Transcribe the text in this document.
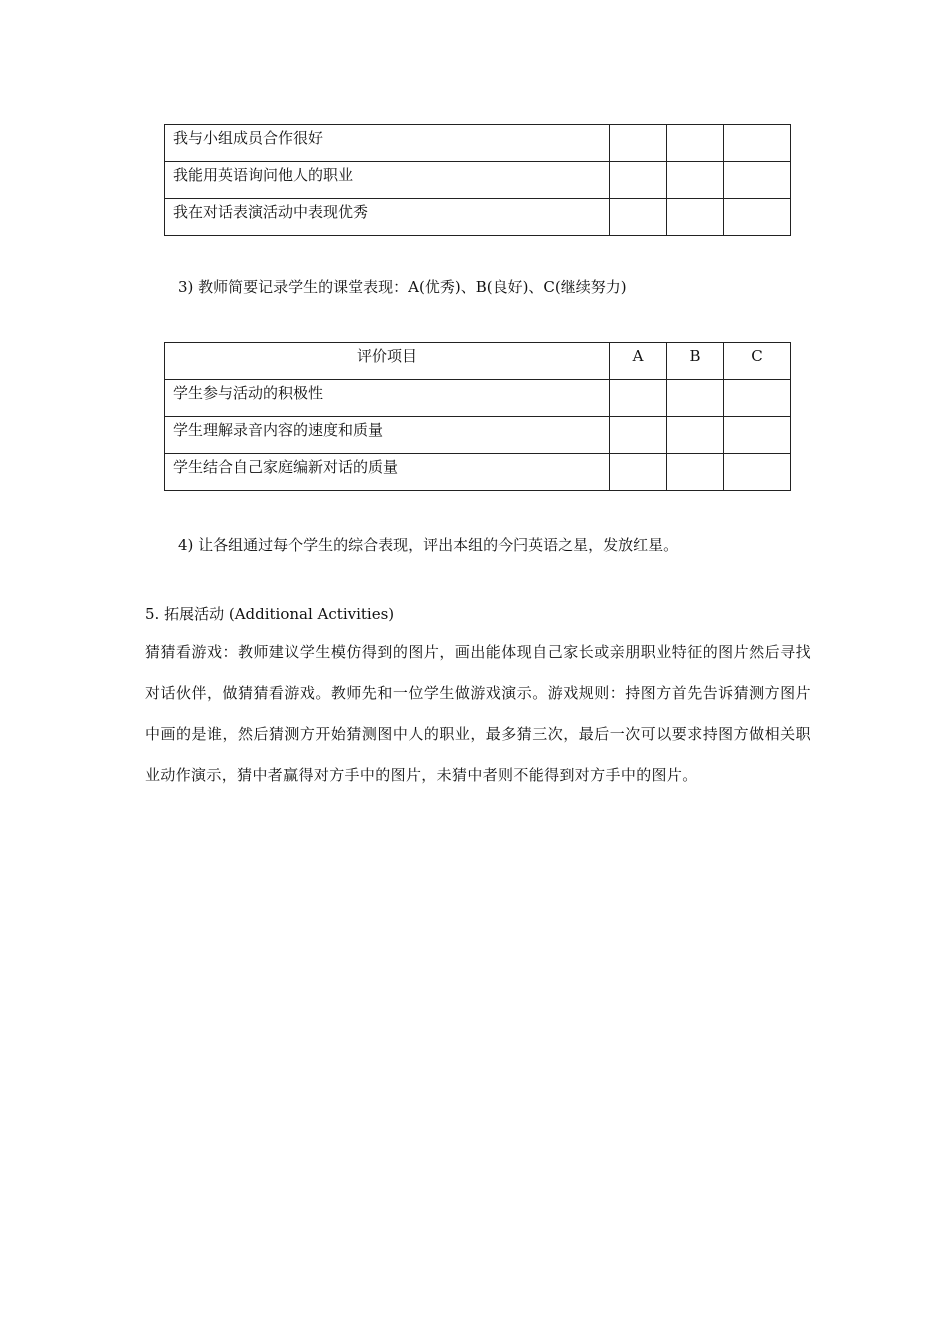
我与小组成员合作很好			
我能用英语询问他人的职业			
我在对话表演活动中表现优秀			
3) 教师简要记录学生的课堂表现：A(优秀)、B(良好)、C(继续努力)
评价项目	A	B	C
学生参与活动的积极性			
学生理解录音内容的速度和质量			
学生结合自己家庭编新对话的质量			
4) 让各组通过每个学生的综合表现，评出本组的今闩英语之星，发放红星。
5. 拓展活动 (Additional Activities)
猜猜看游戏：教师建议学生模仿得到的图片，画出能体现自己家长或亲朋职业特征的图片然后寻找对话伙伴，做猜猜看游戏。教师先和一位学生做游戏演示。游戏规则：持图方首先告诉猜测方图片中画的是谁，然后猜测方开始猜测图中人的职业，最多猜三次，最后一次可以要求持图方做相关职业动作演示，猜中者赢得对方手中的图片，未猜中者则不能得到对方手中的图片。
